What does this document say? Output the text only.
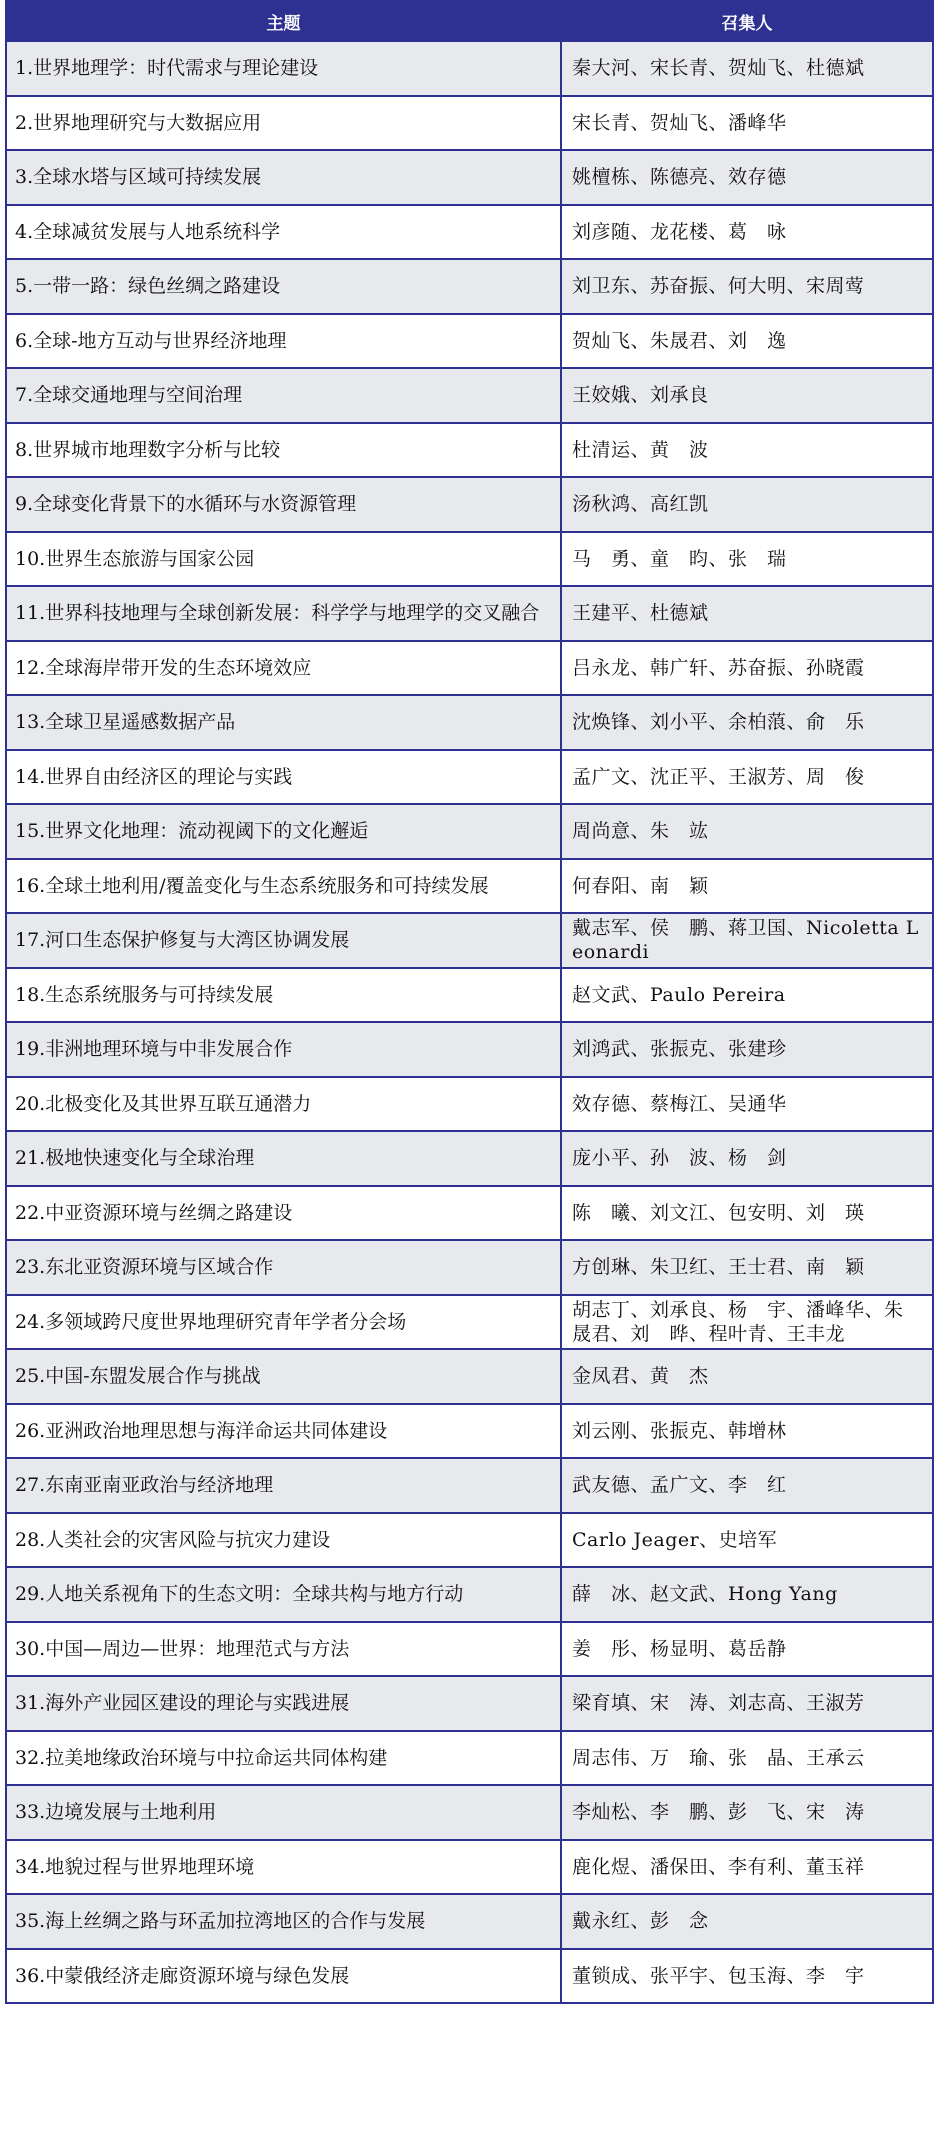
主题	召集人
1.世界地理学：时代需求与理论建设	秦大河、宋长青、贺灿飞、杜德斌
2.世界地理研究与大数据应用	宋长青、贺灿飞、潘峰华
3.全球水塔与区域可持续发展	姚檀栋、陈德亮、效存德
4.全球减贫发展与人地系统科学	刘彦随、龙花楼、葛　咏
5.一带一路：绿色丝绸之路建设	刘卫东、苏奋振、何大明、宋周莺
6.全球-地方互动与世界经济地理	贺灿飞、朱晟君、刘　逸
7.全球交通地理与空间治理	王姣娥、刘承良
8.世界城市地理数字分析与比较	杜清运、黄　波
9.全球变化背景下的水循环与水资源管理	汤秋鸿、高红凯
10.世界生态旅游与国家公园	马　勇、童　昀、张　瑞
11.世界科技地理与全球创新发展：科学学与地理学的交叉融合	王建平、杜德斌
12.全球海岸带开发的生态环境效应	吕永龙、韩广轩、苏奋振、孙晓霞
13.全球卫星遥感数据产品	沈焕锋、刘小平、余柏蒗、俞　乐
14.世界自由经济区的理论与实践	孟广文、沈正平、王淑芳、周　俊
15.世界文化地理：流动视阈下的文化邂逅	周尚意、朱　竑
16.全球土地利用/覆盖变化与生态系统服务和可持续发展	何春阳、南　颖
17.河口生态保护修复与大湾区协调发展	戴志军、侯　鹏、蒋卫国、Nicoletta Leonardi
18.生态系统服务与可持续发展	赵文武、Paulo Pereira
19.非洲地理环境与中非发展合作	刘鸿武、张振克、张建珍
20.北极变化及其世界互联互通潜力	效存德、蔡梅江、吴通华
21.极地快速变化与全球治理	庞小平、孙　波、杨　剑
22.中亚资源环境与丝绸之路建设	陈　曦、刘文江、包安明、刘　瑛
23.东北亚资源环境与区域合作	方创琳、朱卫红、王士君、南　颖
24.多领域跨尺度世界地理研究青年学者分会场	胡志丁、刘承良、杨　宇、潘峰华、朱晟君、刘　晔、程叶青、王丰龙
25.中国-东盟发展合作与挑战	金凤君、黄　杰
26.亚洲政治地理思想与海洋命运共同体建设	刘云刚、张振克、韩增林
27.东南亚南亚政治与经济地理	武友德、孟广文、李　红
28.人类社会的灾害风险与抗灾力建设	Carlo Jeager、史培军
29.人地关系视角下的生态文明：全球共构与地方行动	薛　冰、赵文武、Hong Yang
30.中国—周边—世界：地理范式与方法	姜　彤、杨显明、葛岳静
31.海外产业园区建设的理论与实践进展	梁育填、宋　涛、刘志高、王淑芳
32.拉美地缘政治环境与中拉命运共同体构建	周志伟、万　瑜、张　晶、王承云
33.边境发展与土地利用	李灿松、李　鹏、彭　飞、宋　涛
34.地貌过程与世界地理环境	鹿化煜、潘保田、李有利、董玉祥
35.海上丝绸之路与环孟加拉湾地区的合作与发展	戴永红、彭　念
36.中蒙俄经济走廊资源环境与绿色发展	董锁成、张平宇、包玉海、李　宇
